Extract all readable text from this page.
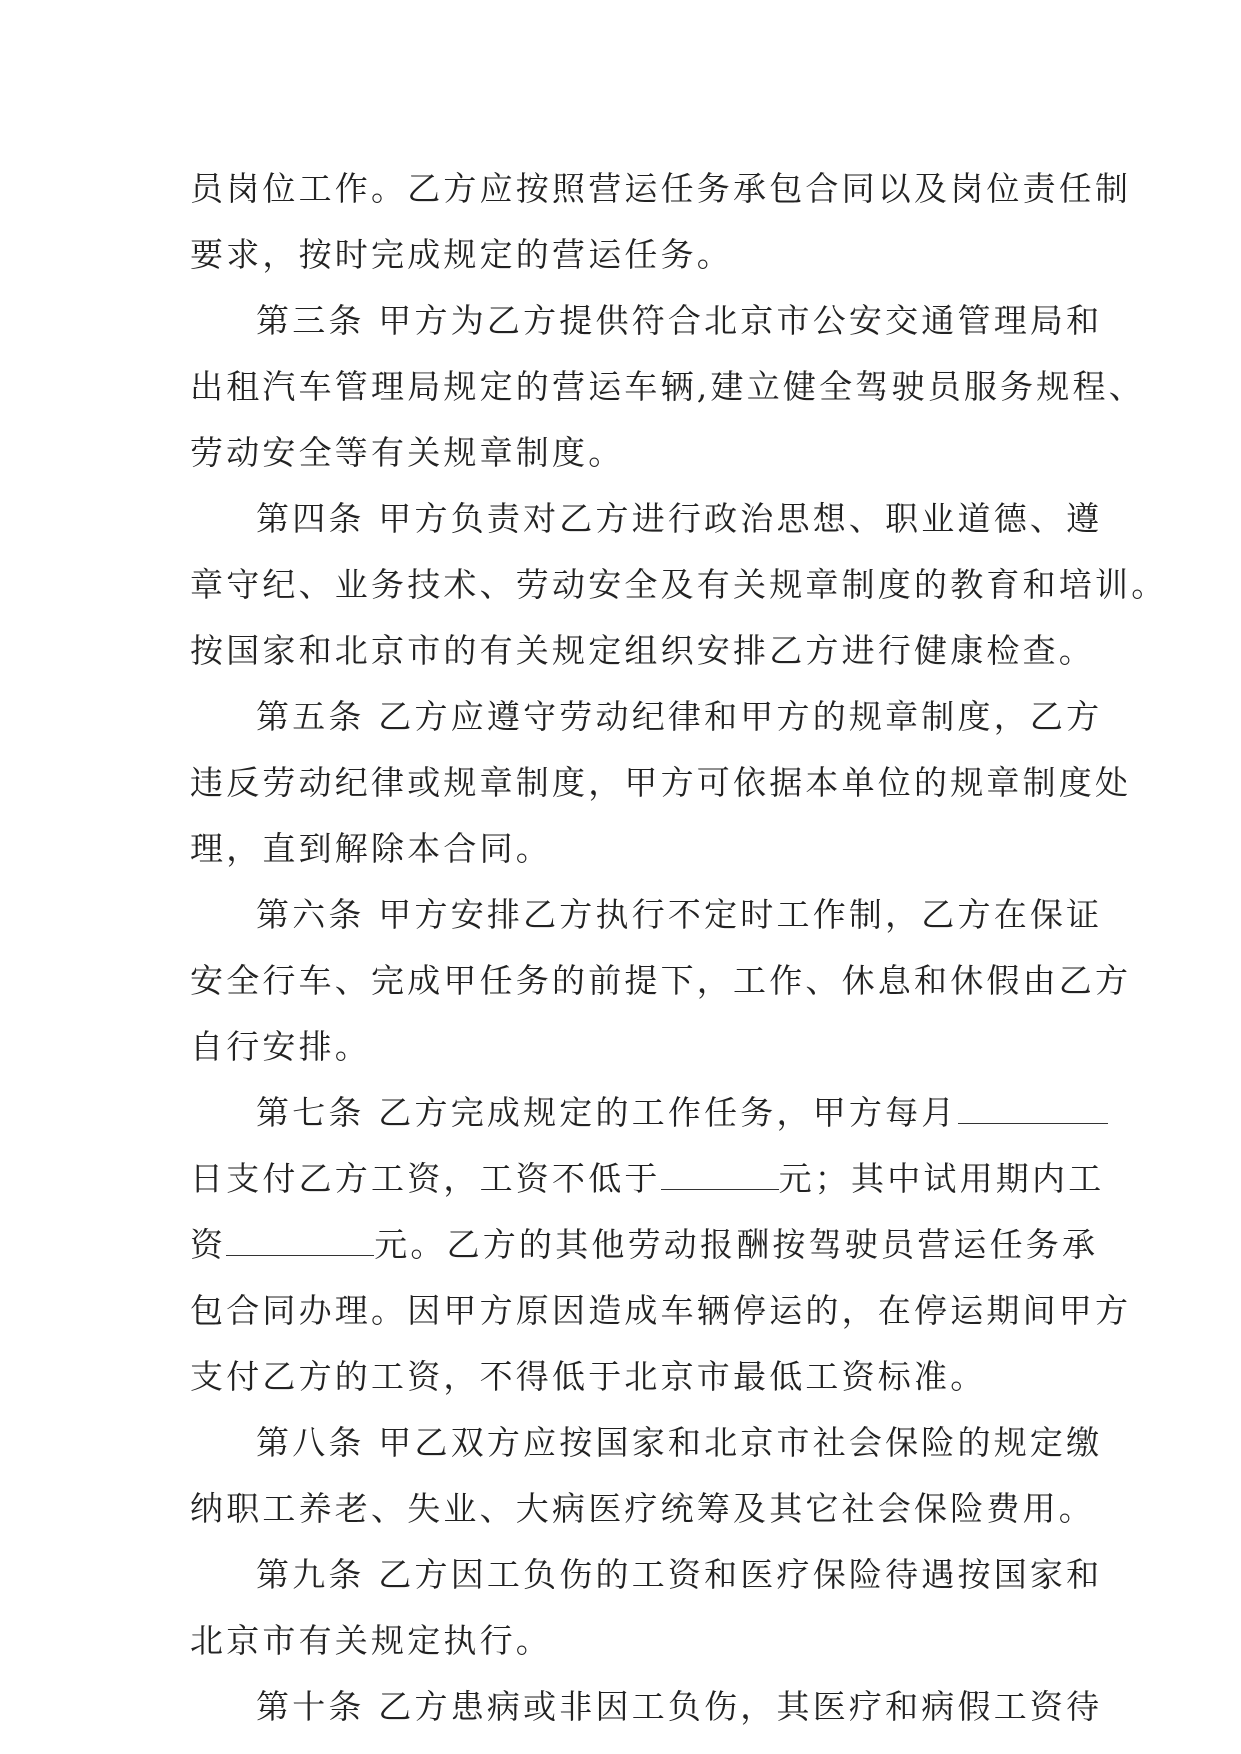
员岗位工作。乙方应按照营运任务承包合同以及岗位责任制
要求，按时完成规定的营运任务。
第三条 甲方为乙方提供符合北京市公安交通管理局和
出租汽车管理局规定的营运车辆,建立健全驾驶员服务规程、
劳动安全等有关规章制度。
第四条 甲方负责对乙方进行政治思想、职业道德、遵
章守纪、业务技术、劳动安全及有关规章制度的教育和培训。
按国家和北京市的有关规定组织安排乙方进行健康检查。
第五条 乙方应遵守劳动纪律和甲方的规章制度，乙方
违反劳动纪律或规章制度，甲方可依据本单位的规章制度处
理，直到解除本合同。
第六条 甲方安排乙方执行不定时工作制，乙方在保证
安全行车、完成甲任务的前提下，工作、休息和休假由乙方
自行安排。
第七条 乙方完成规定的工作任务，甲方每月
日支付乙方工资，工资不低于	元；其中试用期内工
资	元。乙方的其他劳动报酬按驾驶员营运任务承
包合同办理。因甲方原因造成车辆停运的，在停运期间甲方
支付乙方的工资，不得低于北京市最低工资标准。
第八条 甲乙双方应按国家和北京市社会保险的规定缴
纳职工养老、失业、大病医疗统筹及其它社会保险费用。
第九条 乙方因工负伤的工资和医疗保险待遇按国家和
北京市有关规定执行。
第十条 乙方患病或非因工负伤，其医疗和病假工资待
